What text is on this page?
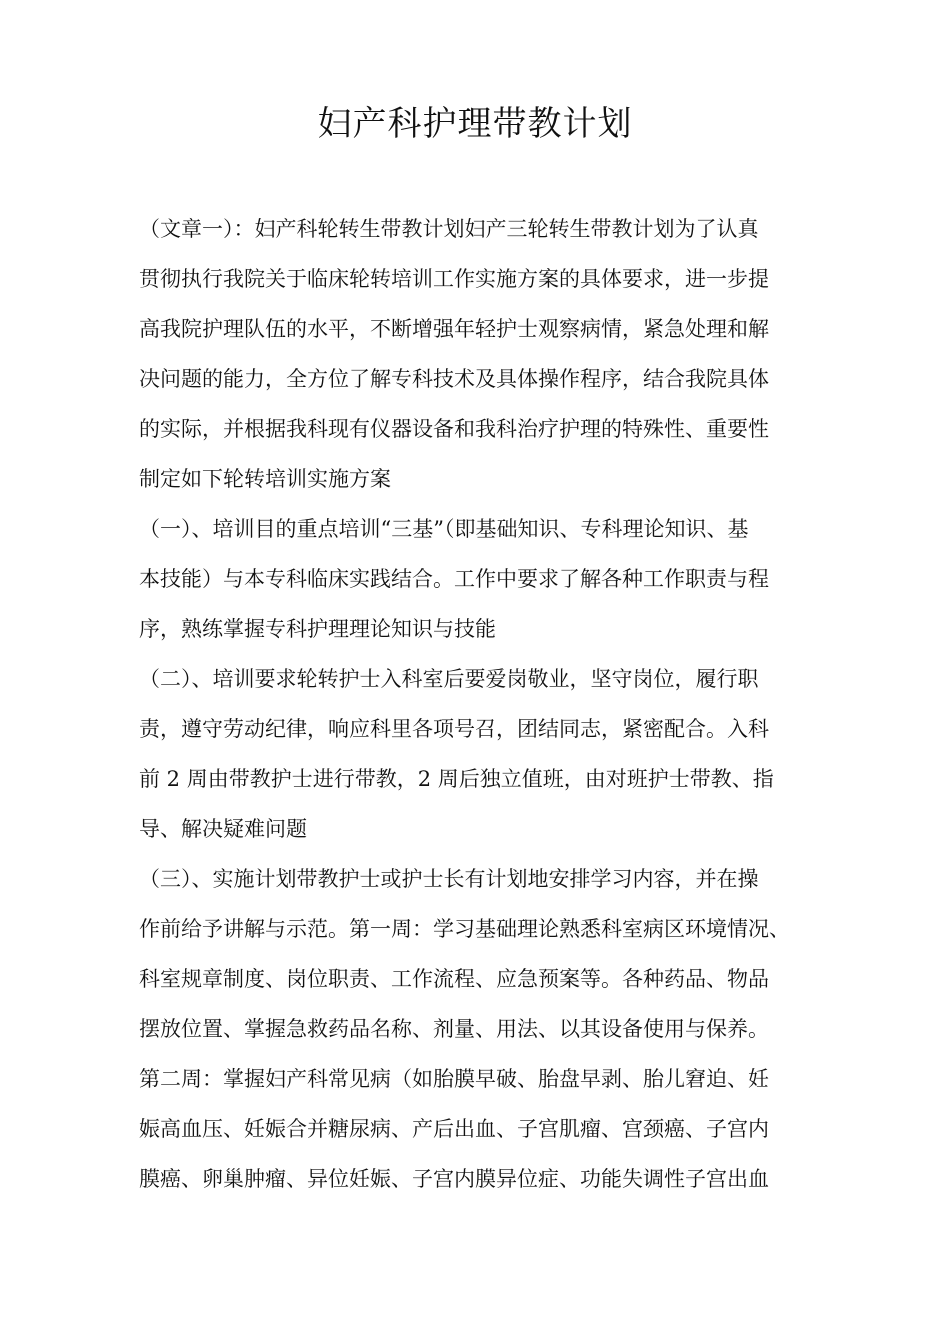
妇产科护理带教计划
（文章一）：妇产科轮转生带教计划妇产三轮转生带教计划为了认真
贯彻执行我院关于临床轮转培训工作实施方案的具体要求，进一步提
高我院护理队伍的水平，不断增强年轻护士观察病情，紧急处理和解
决问题的能力，全方位了解专科技术及具体操作程序，结合我院具体
的实际，并根据我科现有仪器设备和我科治疗护理的特殊性、重要性
制定如下轮转培训实施方案
（一）、培训目的重点培训“三基”（即基础知识、专科理论知识、基
本技能）与本专科临床实践结合。工作中要求了解各种工作职责与程
序，熟练掌握专科护理理论知识与技能
（二）、培训要求轮转护士入科室后要爱岗敬业，坚守岗位，履行职
责，遵守劳动纪律，响应科里各项号召，团结同志，紧密配合。入科
前 2 周由带教护士进行带教，2 周后独立值班，由对班护士带教、指
导、解决疑难问题
（三）、实施计划带教护士或护士长有计划地安排学习内容，并在操
作前给予讲解与示范。第一周：学习基础理论熟悉科室病区环境情况、
科室规章制度、岗位职责、工作流程、应急预案等。各种药品、物品
摆放位置、掌握急救药品名称、剂量、用法、以其设备使用与保养。
第二周：掌握妇产科常见病（如胎膜早破、胎盘早剥、胎儿窘迫、妊
娠高血压、妊娠合并糖尿病、产后出血、子宫肌瘤、宫颈癌、子宫内
膜癌、卵巢肿瘤、异位妊娠、子宫内膜异位症、功能失调性子宫出血
